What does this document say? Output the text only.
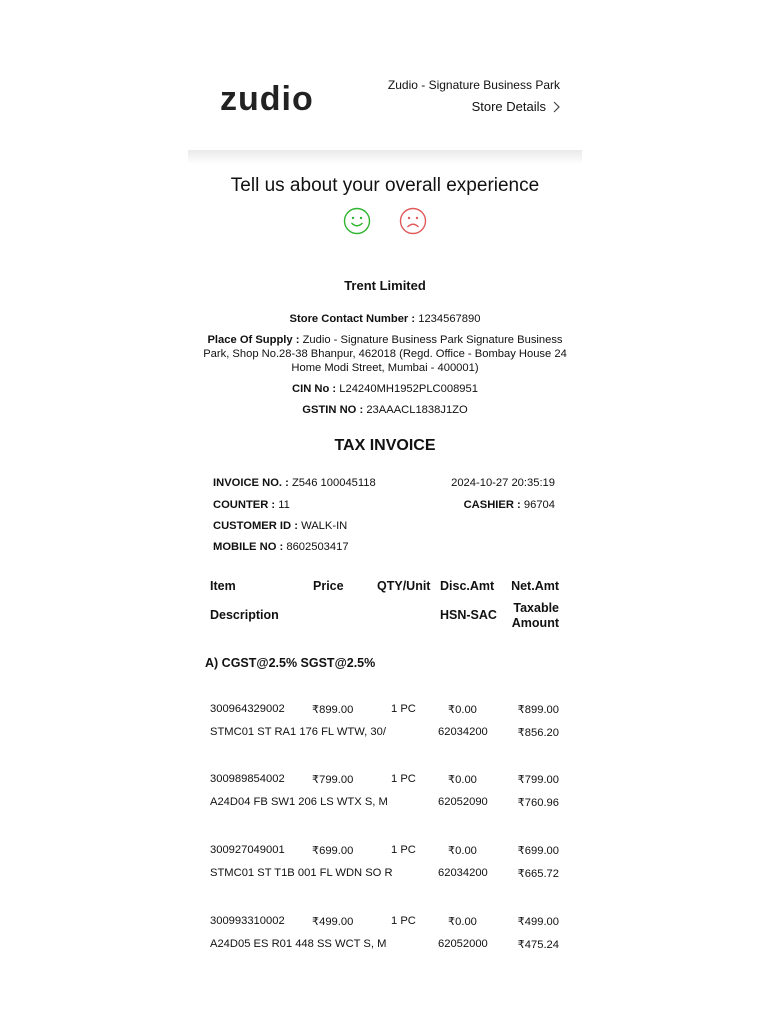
zudio	Zudio - Signature Business Park
Store Details
Tell us about your overall experience
Trent Limited
Store Contact Number : 1234567890
Place Of Supply : Zudio - Signature Business Park Signature Business
Park, Shop No.28-38 Bhanpur, 462018 (Regd. Office - Bombay House 24
Home Modi Street, Mumbai - 400001)
CIN No : L24240MH1952PLC008951
GSTIN NO : 23AAACL1838J1ZO
TAX INVOICE
INVOICE NO. : Z546 100045118	2024-10-27 20:35:19
COUNTER : 11	CASHIER : 96704
CUSTOMER ID : WALK-IN
MOBILE NO : 8602503417
Item	Price	QTY/Unit Disc.Amt Net.Amt
Description	HSN-SAC Taxable
Amount
A) CGST@2.5% SGST@2.5%
300964329002 ₹899.00	1 PC	₹0.00	₹899.00
STMC01 ST RA1 176 FL WTW, 30/	62034200	₹856.20
300989854002 ₹799.00	1 PC	₹0.00	₹799.00
A24D04 FB SW1 206 LS WTX S, M	62052090	₹760.96
300927049001 ₹699.00	1 PC	₹0.00	₹699.00
STMC01 ST T1B 001 FL WDN SO R	62034200	₹665.72
300993310002 ₹499.00	1 PC	₹0.00	₹499.00
A24D05 ES R01 448 SS WCT S, M	62052000	₹475.24
